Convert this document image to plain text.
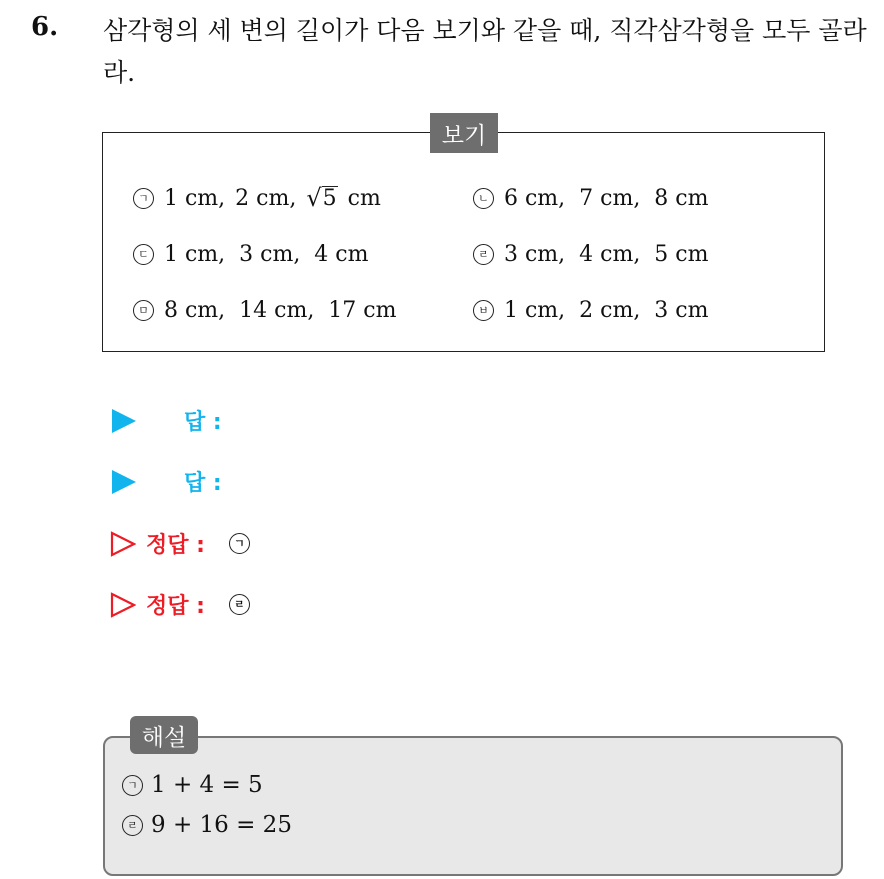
6. 삼각형의 세 변의 길이가 다음 보기와 같을 때, 직각삼각형을 모두 골라라.
보기
ㄱ 1 cm, 2 cm, √ 5 cm	ㄴ 6 cm,  7 cm,  8 cm
ㄷ 1 cm,  3 cm,  4 cm	ㄹ 3 cm,  4 cm,  5 cm
ㅁ 8 cm,  14 cm,  17 cm	ㅂ 1 cm,  2 cm,  3 cm
답 :
답 :
정답 :	ㄱ
정답 :	ㄹ
해설
ㄱ 1 + 4 = 5
ㄹ 9 + 16 = 25
